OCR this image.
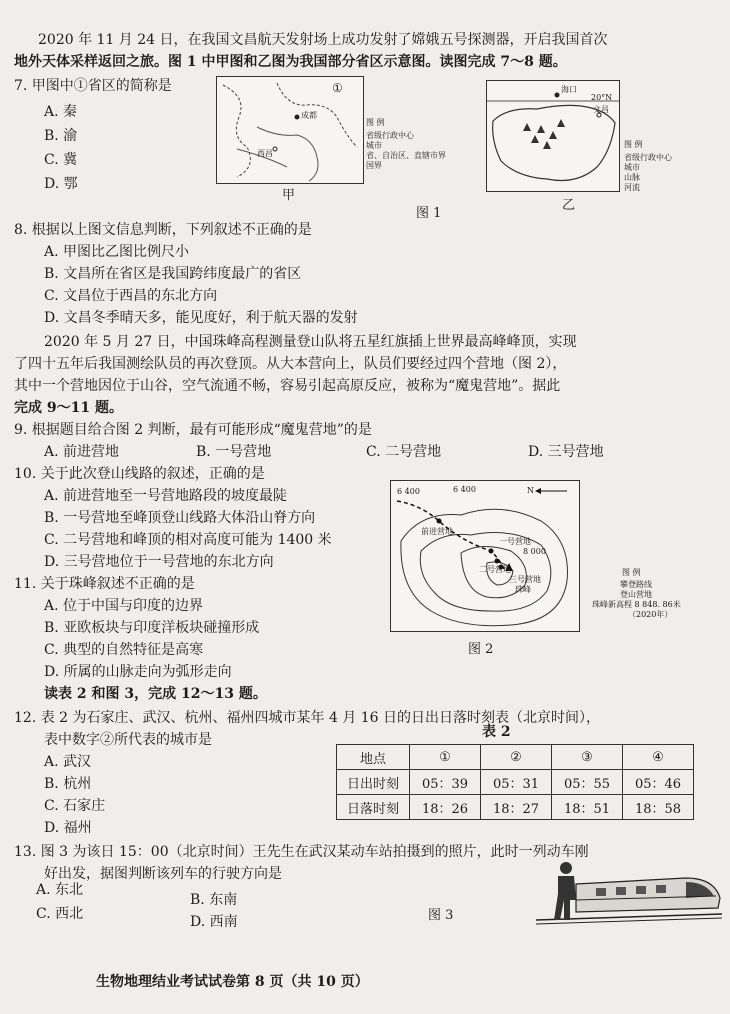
2020 年 11 月 24 日，在我国文昌航天发射场上成功发射了嫦娥五号探测器，开启我国首次
地外天体采样返回之旅。图 1 中甲图和乙图为我国部分省区示意图。读图完成 7～8 题。
7. 甲图中①省区的简称是
A. 秦
B. 渝
C. 冀
D. 鄂
①
成都
西昌
图 例
省级行政中心
城市
省、自治区、直辖市界
国界
甲
海口
文昌
20°N
图 例
省级行政中心
城市
山脉
河流
乙
图 1
8. 根据以上图文信息判断，下列叙述不正确的是
A. 甲图比乙图比例尺小
B. 文昌所在省区是我国跨纬度最广的省区
C. 文昌位于西昌的东北方向
D. 文昌冬季晴天多，能见度好，利于航天器的发射
2020 年 5 月 27 日，中国珠峰高程测量登山队将五星红旗插上世界最高峰峰顶，实现
了四十五年后我国测绘队员的再次登顶。从大本营向上，队员们要经过四个营地（图 2），
其中一个营地因位于山谷，空气流通不畅，容易引起高原反应，被称为“魔鬼营地”。据此
完成 9～11 题。
9. 根据题目给合图 2 判断，最有可能形成“魔鬼营地”的是
A. 前进营地	B. 一号营地	C. 二号营地	D. 三号营地
10. 关于此次登山线路的叙述，正确的是
A. 前进营地至一号营地路段的坡度最陡
B. 一号营地至峰顶登山线路大体沿山脊方向
C. 二号营地和峰顶的相对高度可能为 1400 米
D. 三号营地位于一号营地的东北方向
6 400	6 400
8 000
N
前进营地
一号营地
二号营地
三号营地
珠峰
图 例
攀登路线
登山营地
珠峰新高程 8 848. 86米
（2020年）
图 2
11. 关于珠峰叙述不正确的是
A. 位于中国与印度的边界
B. 亚欧板块与印度洋板块碰撞形成
C. 典型的自然特征是高寒
D. 所属的山脉走向为弧形走向
读表 2 和图 3，完成 12～13 题。
12. 表 2 为石家庄、武汉、杭州、福州四城市某年 4 月 16 日的日出日落时刻表（北京时间），
表中数字②所代表的城市是
A. 武汉
B. 杭州
C. 石家庄
D. 福州
表 2
地点	①	②	③	④
日出时刻	05：39	05：31	05：55	05：46
日落时刻	18：26	18：27	18：51	18：58
13. 图 3 为该日 15：00（北京时间）王先生在武汉某动车站拍摄到的照片，此时一列动车刚
好出发，据图判断该列车的行驶方向是
A. 东北
B. 东南
C. 西北	D. 西南	图 3
生物地理结业考试试卷第 8 页（共 10 页）
